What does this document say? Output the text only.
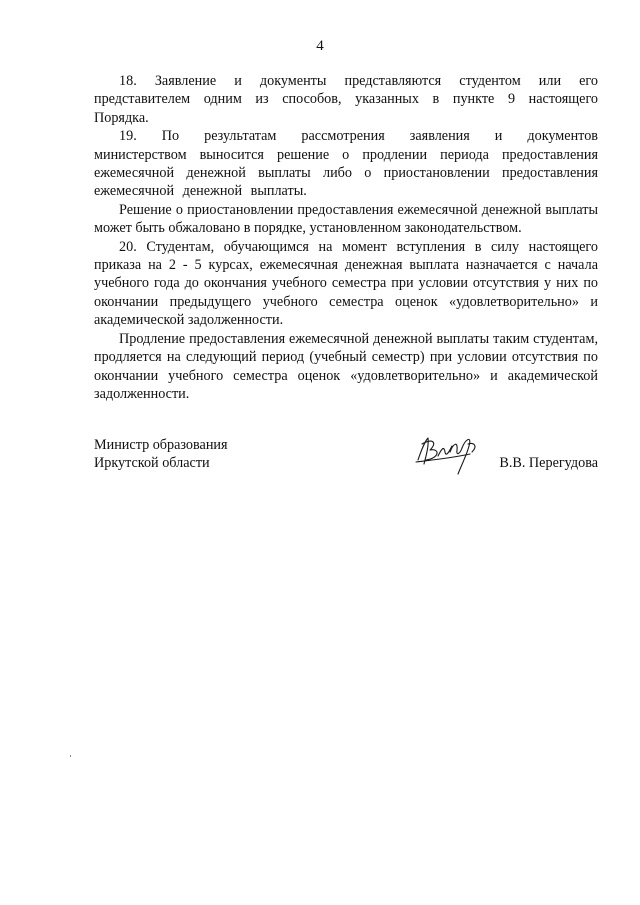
4

18. Заявление и документы представляются студентом или его представителем одним из способов, указанных в пункте 9 настоящего Порядка.

19. По результатам рассмотрения заявления и документов министерством выносится решение о продлении периода предоставления ежемесячной денежной выплаты либо о приостановлении предоставления ежемесячной денежной выплаты.

Решение о приостановлении предоставления ежемесячной денежной выплаты может быть обжаловано в порядке, установленном законодательством.

20. Студентам, обучающимся на момент вступления в силу настоящего приказа на 2 - 5 курсах, ежемесячная денежная выплата назначается с начала учебного года до окончания учебного семестра при условии отсутствия у них по окончании предыдущего учебного семестра оценок «удовлетворительно» и академической задолженности.

Продление предоставления ежемесячной денежной выплаты таким студентам, продляется на следующий период (учебный семестр) при условии отсутствия по окончании учебного семестра оценок «удовлетворительно» и академической задолженности.

Министр образования
Иркутской области	В.В. Перегудова
